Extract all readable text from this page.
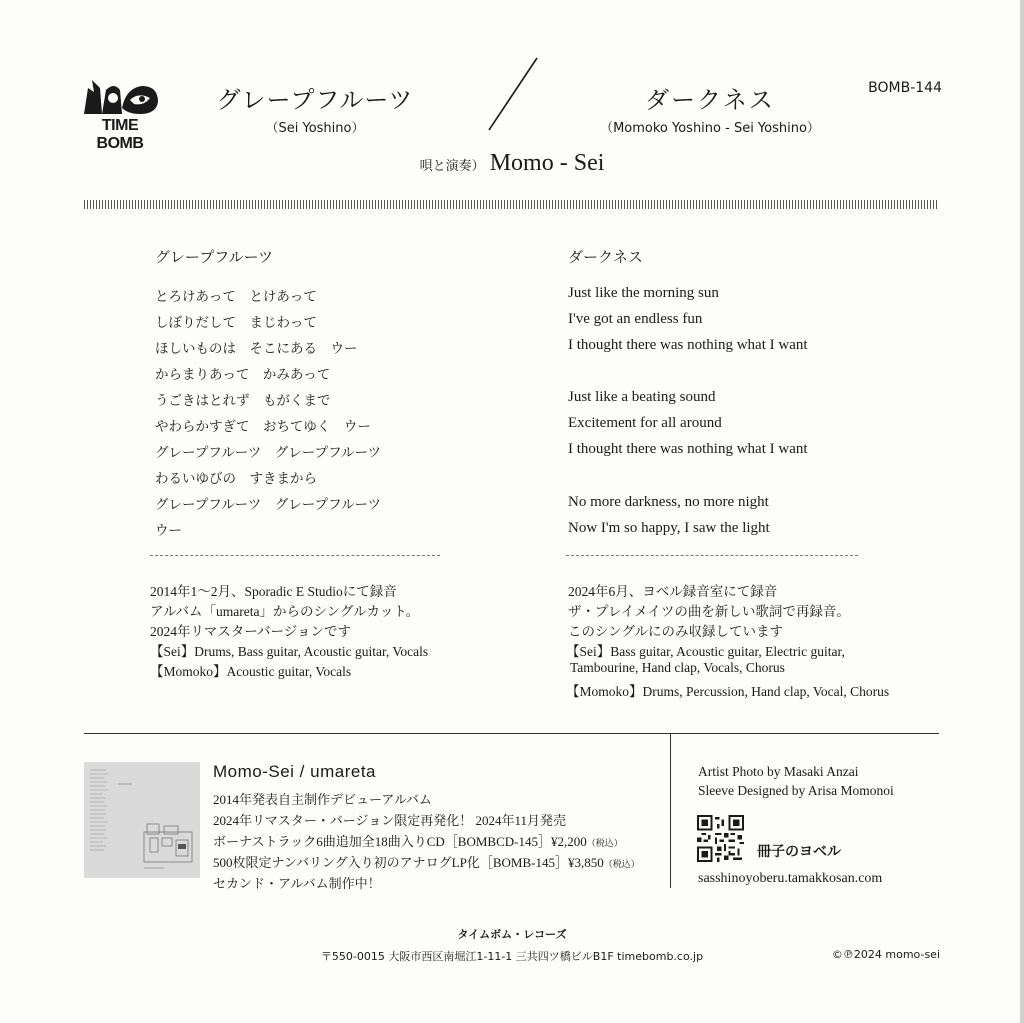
TIME BOMB
グレープフルーツ
（Sei Yoshino）
ダークネス
（Momoko Yoshino - Sei Yoshino）
BOMB-144
唄と演奏） Momo - Sei
グレープフルーツ
とろけあって　とけあって
しぼりだして　まじわって
ほしいものは　そこにある　ウー
からまりあって　かみあって
うごきはとれず　もがくまで
やわらかすぎて　おちてゆく　ウー
グレープフルーツ　グレープフルーツ
わるいゆびの　すきまから
グレープフルーツ　グレープフルーツ
ウー
ダークネス
Just like the morning sun
I've got an endless fun
I thought there was nothing what I want
Just like a beating sound
Excitement for all around
I thought there was nothing what I want
No more darkness, no more night
Now I'm so happy, I saw the light
2014年1〜2月、Sporadic E Studioにて録音
アルバム「umareta」からのシングルカット。
2024年リマスターバージョンです
【Sei】Drums, Bass guitar, Acoustic guitar, Vocals
【Momoko】Acoustic guitar, Vocals
2024年6月、ヨベル録音室にて録音
ザ・プレイメイツの曲を新しい歌詞で再録音。
このシングルにのみ収録しています
【Sei】Bass guitar, Acoustic guitar, Electric guitar,
Tambourine, Hand clap, Vocals, Chorus
【Momoko】Drums, Percussion, Hand clap, Vocal, Chorus
Momo-Sei / umareta
2014年発表自主制作デビューアルバム
2024年リマスター・バージョン限定再発化！ 2024年11月発売
ボーナストラック6曲追加全18曲入りCD［BOMBCD-145］¥2,200（税込）
500枚限定ナンバリング入り初のアナログLP化［BOMB-145］¥3,850（税込）
セカンド・アルバム制作中！
Artist Photo by Masaki Anzai
Sleeve Designed by Arisa Momonoi
冊子のヨベル
sasshinoyoberu.tamakkosan.com
タイムボム・レコーズ
〒550-0015 大阪市西区南堀江1-11-1 三共四ツ橋ビルB1F timebomb.co.jp	©℗2024 momo-sei
